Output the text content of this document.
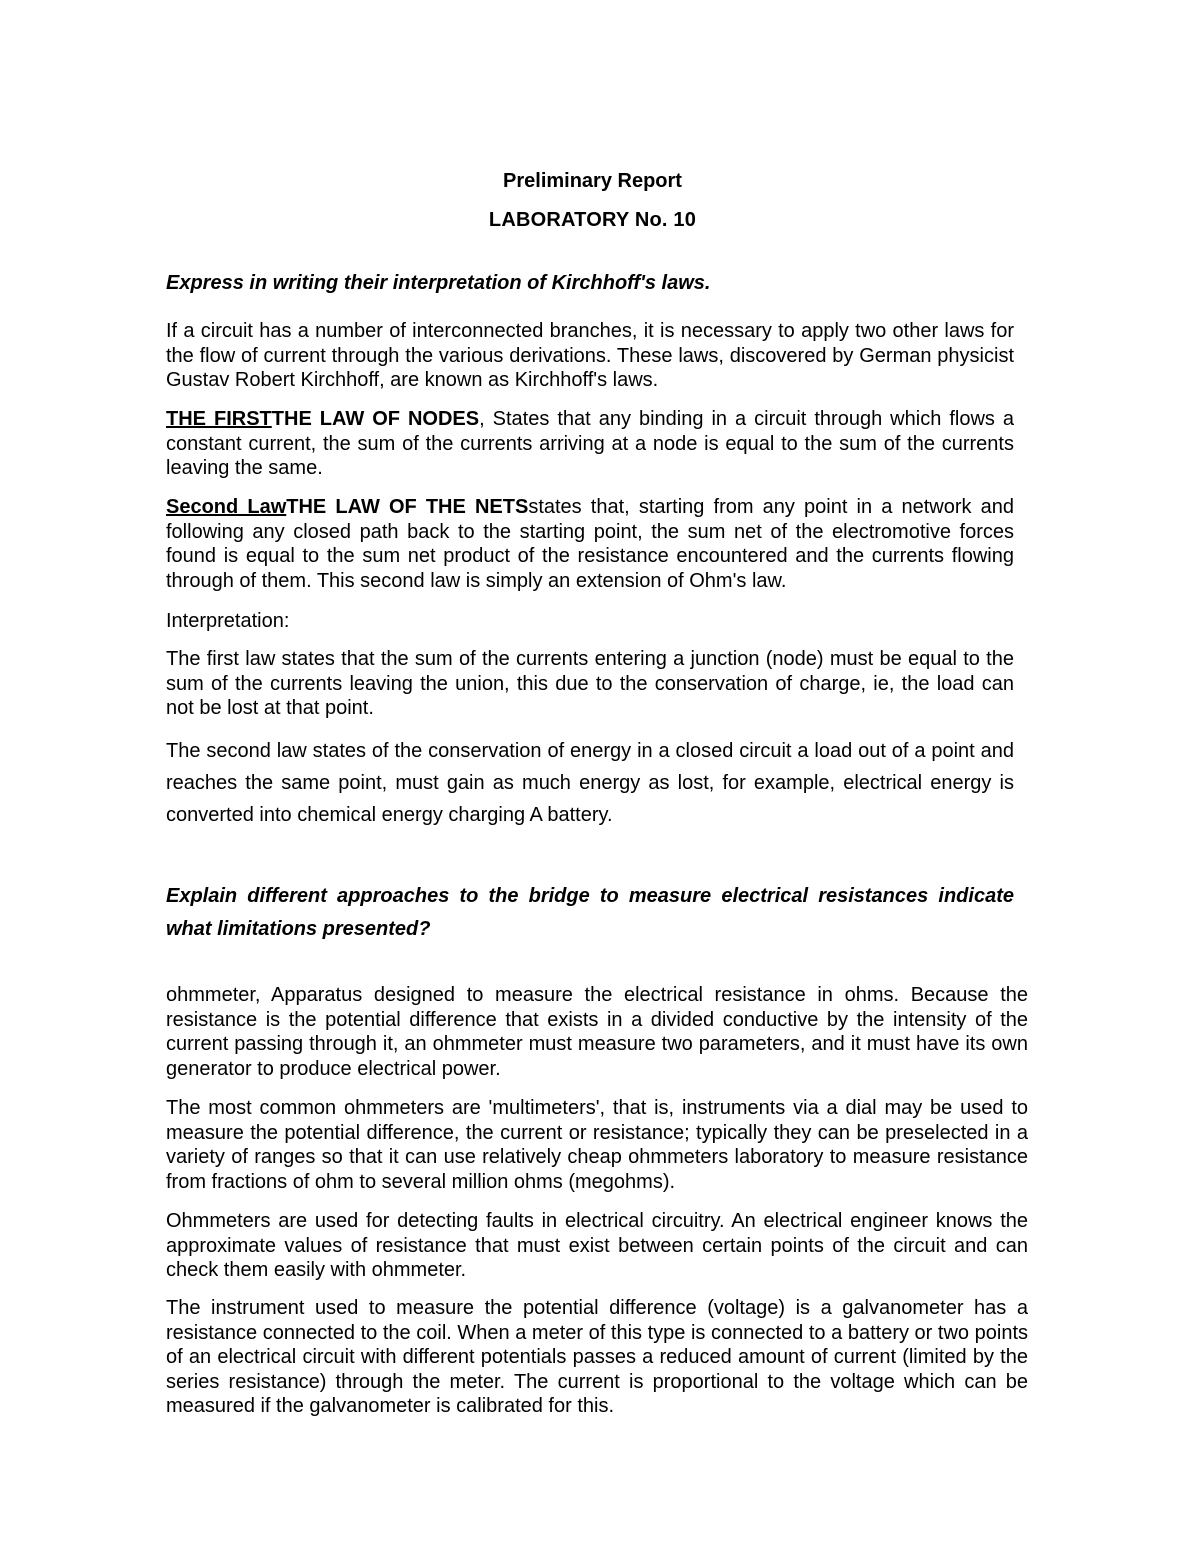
Preliminary Report

LABORATORY No. 10

Express in writing their interpretation of Kirchhoff's laws.

If a circuit has a number of interconnected branches, it is necessary to apply two other laws for the flow of current through the various derivations. These laws, discovered by German physicist Gustav Robert Kirchhoff, are known as Kirchhoff's laws.

THE FIRSTTHE LAW OF NODES, States that any binding in a circuit through which flows a constant current, the sum of the currents arriving at a node is equal to the sum of the currents leaving the same.

Second LawTHE LAW OF THE NETSstates that, starting from any point in a network and following any closed path back to the starting point, the sum net of the electromotive forces found is equal to the sum net product of the resistance encountered and the currents flowing through of them. This second law is simply an extension of Ohm's law.

Interpretation:

The first law states that the sum of the currents entering a junction (node) must be equal to the sum of the currents leaving the union, this due to the conservation of charge, ie, the load can not be lost at that point.

The second law states of the conservation of energy in a closed circuit a load out of a point and reaches the same point, must gain as much energy as lost, for example, electrical energy is converted into chemical energy charging A battery.

Explain different approaches to the bridge to measure electrical resistances indicate what limitations presented?

ohmmeter, Apparatus designed to measure the electrical resistance in ohms. Because the resistance is the potential difference that exists in a divided conductive by the intensity of the current passing through it, an ohmmeter must measure two parameters, and it must have its own generator to produce electrical power.

The most common ohmmeters are 'multimeters', that is, instruments via a dial may be used to measure the potential difference, the current or resistance; typically they can be preselected in a variety of ranges so that it can use relatively cheap ohmmeters laboratory to measure resistance from fractions of ohm to several million ohms (megohms).

Ohmmeters are used for detecting faults in electrical circuitry. An electrical engineer knows the approximate values of resistance that must exist between certain points of the circuit and can check them easily with ohmmeter.

The instrument used to measure the potential difference (voltage) is a galvanometer has a resistance connected to the coil. When a meter of this type is connected to a battery or two points of an electrical circuit with different potentials passes a reduced amount of current (limited by the series resistance) through the meter. The current is proportional to the voltage which can be measured if the galvanometer is calibrated for this.
